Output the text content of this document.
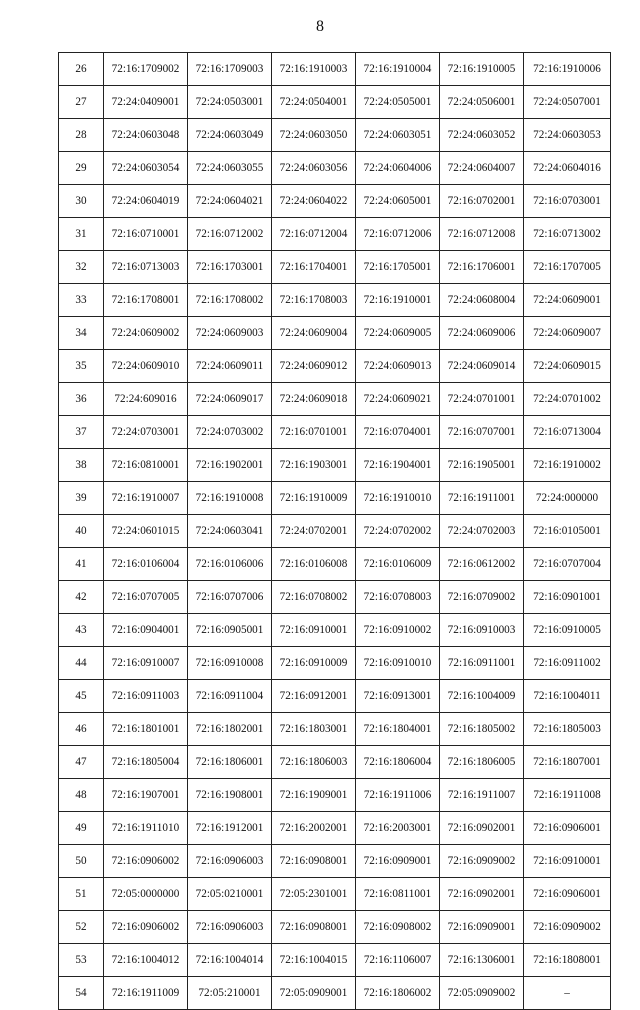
8
26	72:16:1709002	72:16:1709003	72:16:1910003	72:16:1910004	72:16:1910005	72:16:1910006
27	72:24:0409001	72:24:0503001	72:24:0504001	72:24:0505001	72:24:0506001	72:24:0507001
28	72:24:0603048	72:24:0603049	72:24:0603050	72:24:0603051	72:24:0603052	72:24:0603053
29	72:24:0603054	72:24:0603055	72:24:0603056	72:24:0604006	72:24:0604007	72:24:0604016
30	72:24:0604019	72:24:0604021	72:24:0604022	72:24:0605001	72:16:0702001	72:16:0703001
31	72:16:0710001	72:16:0712002	72:16:0712004	72:16:0712006	72:16:0712008	72:16:0713002
32	72:16:0713003	72:16:1703001	72:16:1704001	72:16:1705001	72:16:1706001	72:16:1707005
33	72:16:1708001	72:16:1708002	72:16:1708003	72:16:1910001	72:24:0608004	72:24:0609001
34	72:24:0609002	72:24:0609003	72:24:0609004	72:24:0609005	72:24:0609006	72:24:0609007
35	72:24:0609010	72:24:0609011	72:24:0609012	72:24:0609013	72:24:0609014	72:24:0609015
36	72:24:609016	72:24:0609017	72:24:0609018	72:24:0609021	72:24:0701001	72:24:0701002
37	72:24:0703001	72:24:0703002	72:16:0701001	72:16:0704001	72:16:0707001	72:16:0713004
38	72:16:0810001	72:16:1902001	72:16:1903001	72:16:1904001	72:16:1905001	72:16:1910002
39	72:16:1910007	72:16:1910008	72:16:1910009	72:16:1910010	72:16:1911001	72:24:000000
40	72:24:0601015	72:24:0603041	72:24:0702001	72:24:0702002	72:24:0702003	72:16:0105001
41	72:16:0106004	72:16:0106006	72:16:0106008	72:16:0106009	72:16:0612002	72:16:0707004
42	72:16:0707005	72:16:0707006	72:16:0708002	72:16:0708003	72:16:0709002	72:16:0901001
43	72:16:0904001	72:16:0905001	72:16:0910001	72:16:0910002	72:16:0910003	72:16:0910005
44	72:16:0910007	72:16:0910008	72:16:0910009	72:16:0910010	72:16:0911001	72:16:0911002
45	72:16:0911003	72:16:0911004	72:16:0912001	72:16:0913001	72:16:1004009	72:16:1004011
46	72:16:1801001	72:16:1802001	72:16:1803001	72:16:1804001	72:16:1805002	72:16:1805003
47	72:16:1805004	72:16:1806001	72:16:1806003	72:16:1806004	72:16:1806005	72:16:1807001
48	72:16:1907001	72:16:1908001	72:16:1909001	72:16:1911006	72:16:1911007	72:16:1911008
49	72:16:1911010	72:16:1912001	72:16:2002001	72:16:2003001	72:16:0902001	72:16:0906001
50	72:16:0906002	72:16:0906003	72:16:0908001	72:16:0909001	72:16:0909002	72:16:0910001
51	72:05:0000000	72:05:0210001	72:05:2301001	72:16:0811001	72:16:0902001	72:16:0906001
52	72:16:0906002	72:16:0906003	72:16:0908001	72:16:0908002	72:16:0909001	72:16:0909002
53	72:16:1004012	72:16:1004014	72:16:1004015	72:16:1106007	72:16:1306001	72:16:1808001
54	72:16:1911009	72:05:210001	72:05:0909001	72:16:1806002	72:05:0909002	–
